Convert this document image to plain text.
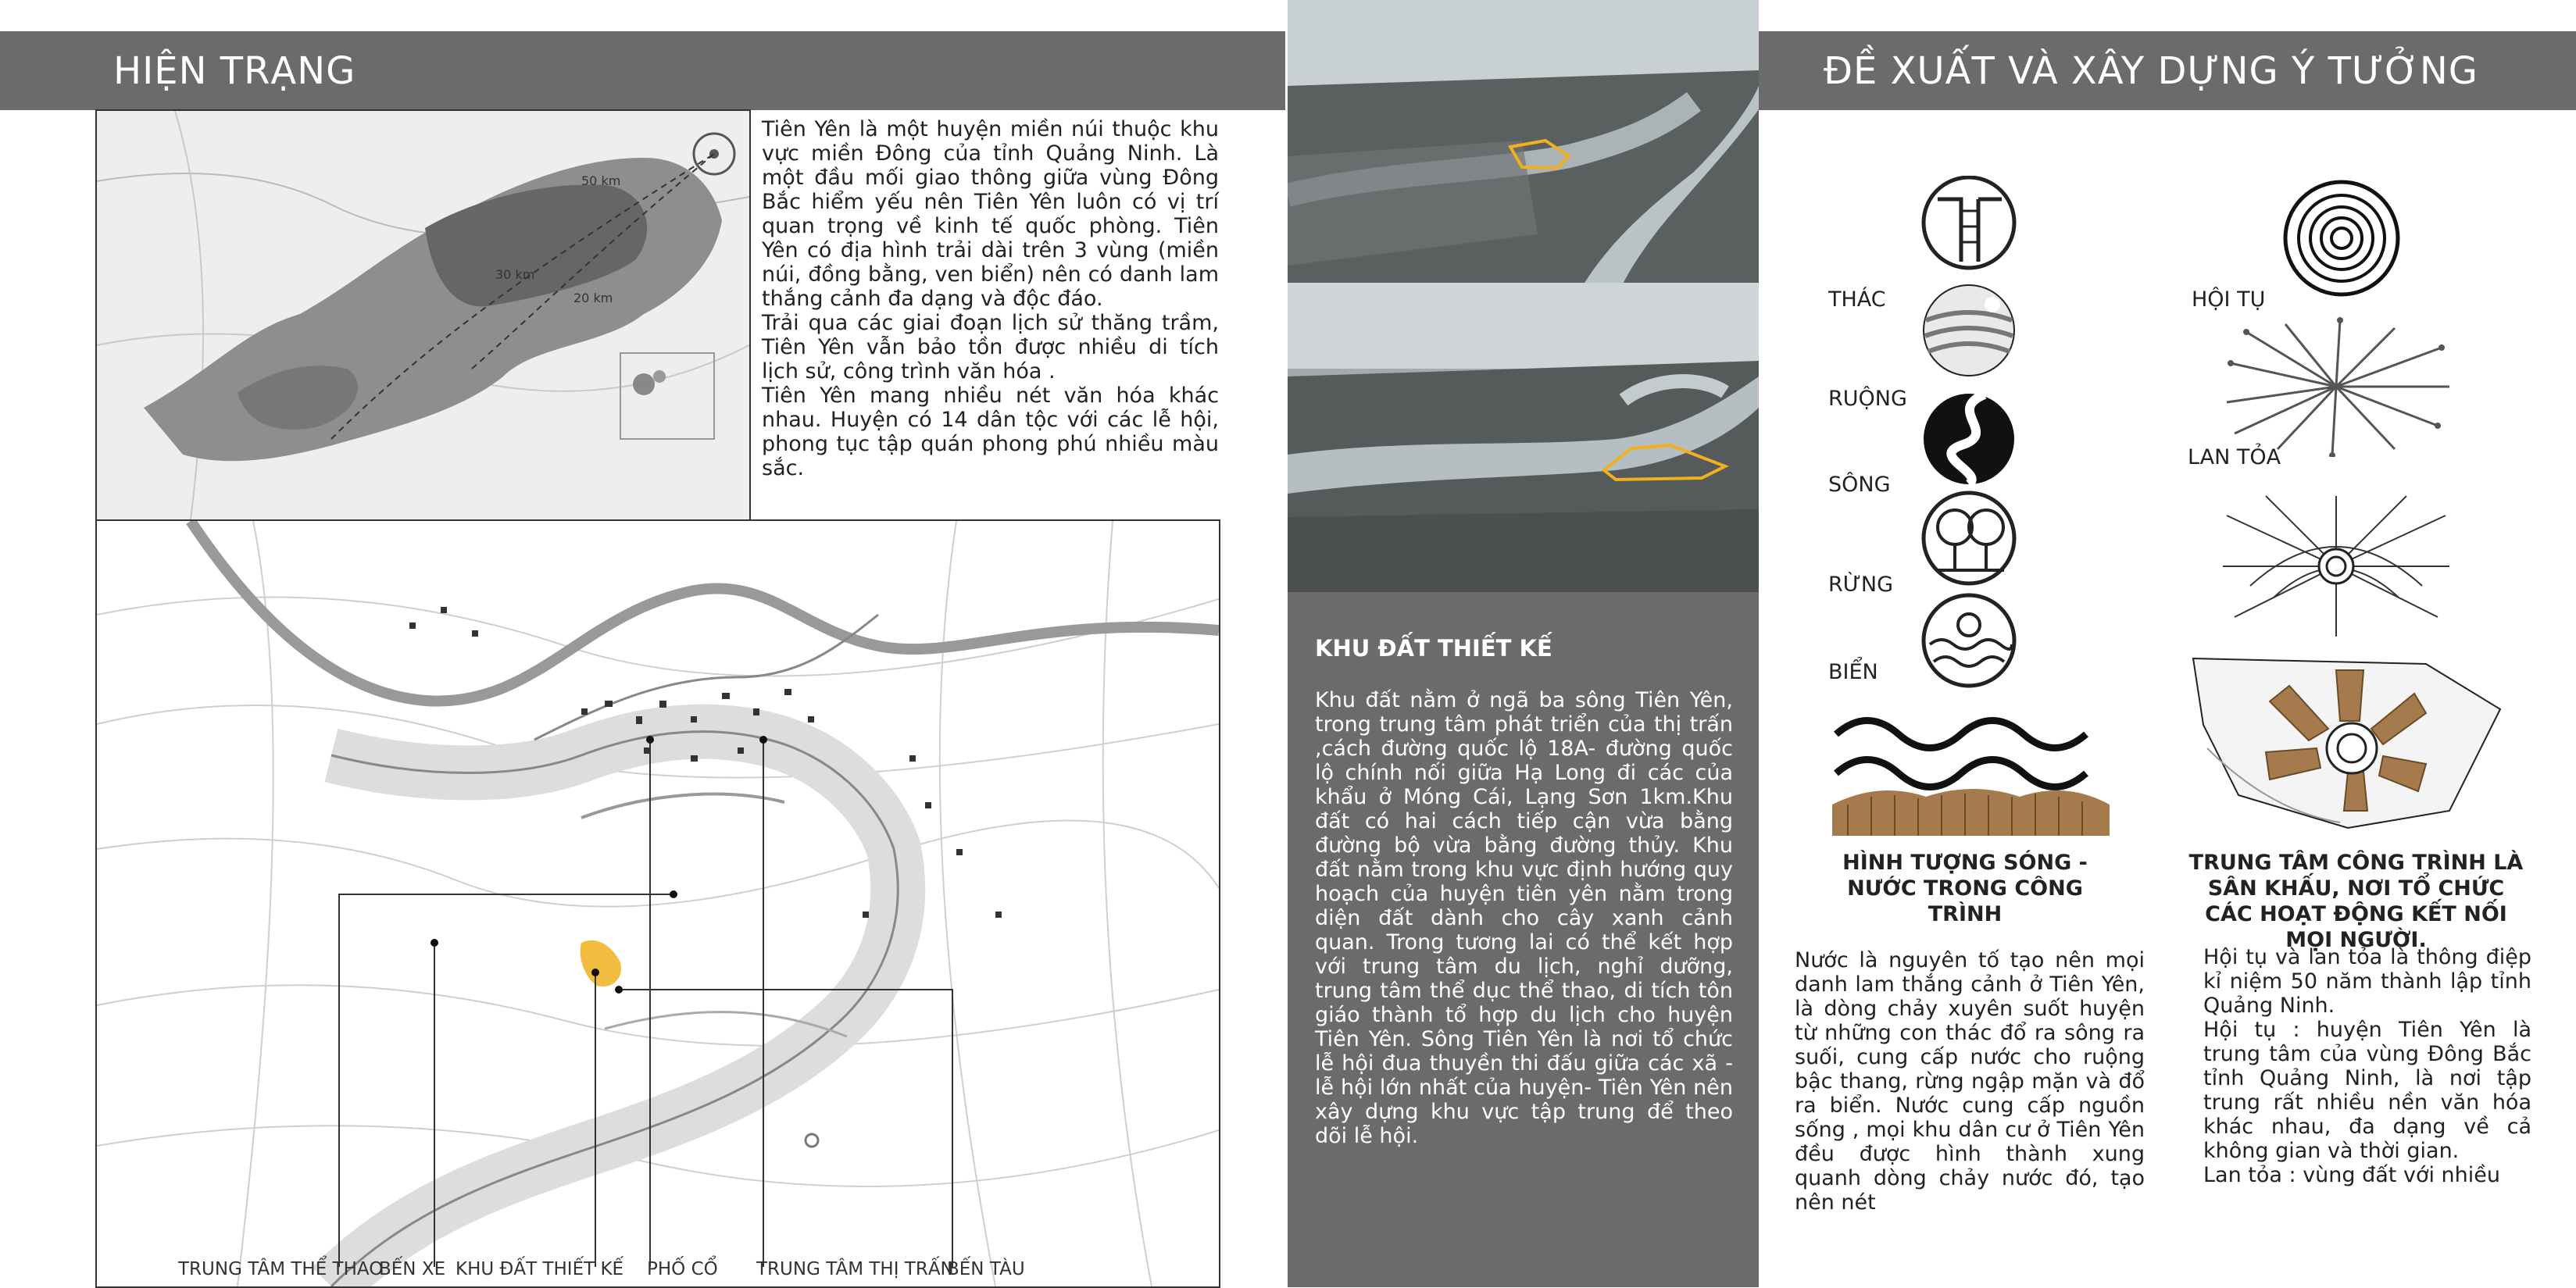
HIỆN TRẠNG
50 km
30 km
20 km

Tiên Yên là một huyện miền núi thuộc khu vực miền Đông của tỉnh Quảng Ninh. Là một đầu mối giao thông giữa vùng Đông Bắc hiểm yếu nên Tiên Yên luôn có vị trí quan trọng về kinh tế quốc phòng. Tiên Yên có địa hình trải dài trên 3 vùng (miền núi, đồng bằng, ven biển) nên có danh lam thắng cảnh đa dạng và độc đáo.

Trải qua các giai đoạn lịch sử thăng trầm, Tiên Yên vẫn bảo tồn được nhiều di tích lịch sử, công trình văn hóa .

Tiên Yên mang nhiều nét văn hóa khác nhau. Huyện có 14 dân tộc với các lễ hội, phong tục tập quán phong phú nhiều màu sắc.

TRUNG TÂM THỂ THAO
BẾN XE KHU ĐẤT THIẾT KẾ PHỐ CỔ TRUNG TÂM THỊ TRẤN
BẾN TÀU
KHU ĐẤT THIẾT KẾ
Khu đất nằm ở ngã ba sông Tiên Yên, trong trung tâm phát triển của thị trấn ,cách đường quốc lộ 18A- đường quốc lộ chính nối giữa Hạ Long đi các của khẩu ở Móng Cái, Lạng Sơn 1km.Khu đất có hai cách tiếp cận vừa bằng đường bộ vừa bằng đường thủy. Khu đất nằm trong khu vực định hướng quy hoạch của huyện tiên yên nằm trong diện đất dành cho cây xanh cảnh quan. Trong tương lai có thể kết hợp với trung tâm du lịch, nghỉ dưỡng, trung tâm thể dục thể thao, di tích tôn giáo thành tổ hợp du lịch cho huyện Tiên Yên. Sông Tiên Yên là nơi tổ chức lễ hội đua thuyền thi đấu giữa các xã - lễ hội lớn nhất của huyện- Tiên Yên nên xây dựng khu vực tập trung để theo dõi lễ hội.
ĐỀ XUẤT VÀ XÂY DỰNG Ý TƯỞNG
THÁC
RUỘNG
SÔNG
RỪNG
BIỂN
HÌNH TƯỢNG SÓNG - NƯỚC TRONG CÔNG TRÌNH
HỘI TỤ
LAN TỎA
TRUNG TÂM CÔNG TRÌNH LÀ SÂN KHẤU, NƠI TỔ CHỨC CÁC HOẠT ĐỘNG KẾT NỐI MỌI NGƯỜI.
Nước là nguyên tố tạo nên mọi danh lam thắng cảnh ở Tiên Yên, là dòng chảy xuyên suốt huyện từ những con thác đổ ra sông ra suối, cung cấp nước cho ruộng bậc thang, rừng ngập mặn và đổ ra biển. Nước cung cấp nguồn sống , mọi khu dân cư ở Tiên Yên đều được hình thành xung quanh dòng chảy nước đó, tạo nên nét

Hội tụ và lan tỏa là thông điệp kỉ niệm 50 năm thành lập tỉnh Quảng Ninh.

Hội tụ : huyện Tiên Yên là trung tâm của vùng Đông Bắc tỉnh Quảng Ninh, là nơi tập trung rất nhiều nền văn hóa khác nhau, đa dạng về cả không gian và thời gian.

Lan tỏa : vùng đất với nhiều
